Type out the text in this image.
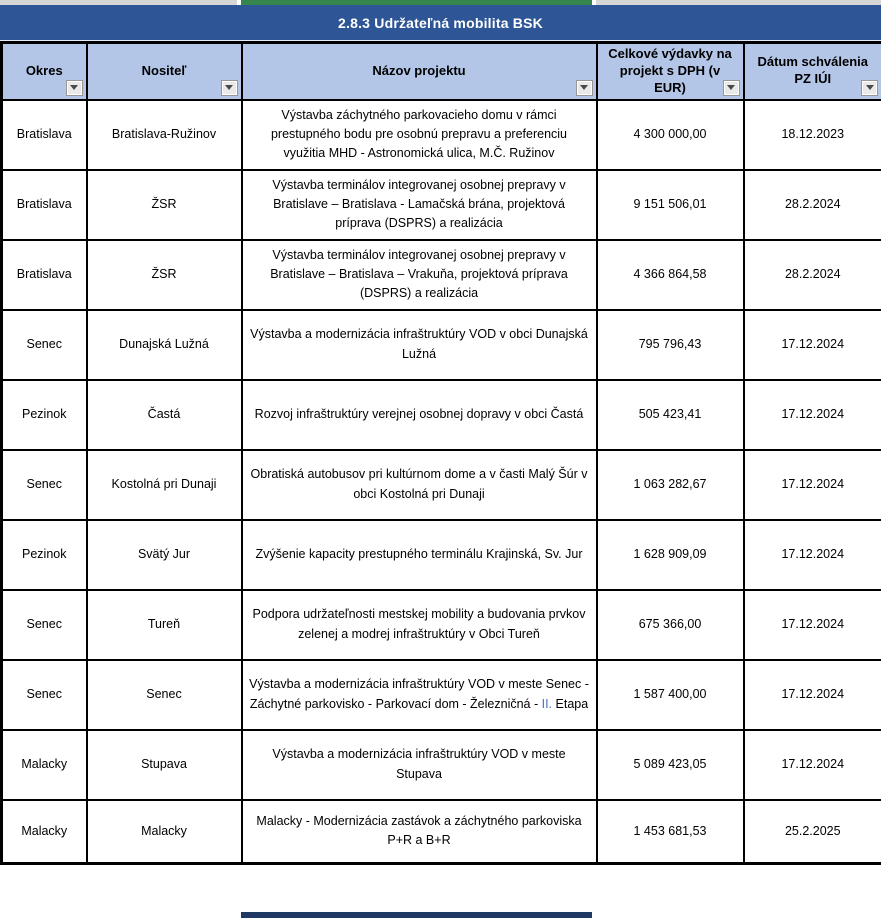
2.8.3 Udržateľná mobilita BSK
Okres	Nositeľ	Názov projektu	Celkové výdavky na projekt s DPH (v EUR)	Dátum schválenia PZ IÚI

Bratislava	Bratislava-Ružinov	Výstavba záchytného parkovacieho domu v rámci prestupného bodu pre osobnú prepravu a preferenciu využitia MHD - Astronomická ulica, M.Č. Ružinov	4 300 000,00	18.12.2023
Bratislava	ŽSR	Výstavba terminálov integrovanej osobnej prepravy v Bratislave – Bratislava - Lamačská brána, projektová príprava (DSPRS) a realizácia	9 151 506,01	28.2.2024
Bratislava	ŽSR	Výstavba terminálov integrovanej osobnej prepravy v Bratislave – Bratislava – Vrakuňa, projektová príprava (DSPRS) a realizácia	4 366 864,58	28.2.2024
Senec	Dunajská Lužná	Výstavba a modernizácia infraštruktúry VOD v obci Dunajská Lužná	795 796,43	17.12.2024
Pezinok	Častá	Rozvoj infraštruktúry verejnej osobnej dopravy v obci Častá	505 423,41	17.12.2024
Senec	Kostolná pri Dunaji	Obratiská autobusov pri kultúrnom dome a v časti Malý Šúr v obci Kostolná pri Dunaji	1 063 282,67	17.12.2024
Pezinok	Svätý Jur	Zvýšenie kapacity prestupného terminálu Krajinská, Sv. Jur	1 628 909,09	17.12.2024
Senec	Tureň	Podpora udržateľnosti mestskej mobility a budovania prvkov zelenej a modrej infraštruktúry v Obci Tureň	675 366,00	17.12.2024
Senec	Senec	Výstavba a modernizácia infraštruktúry VOD v meste Senec - Záchytné parkovisko - Parkovací dom - Železničná - II. Etapa	1 587 400,00	17.12.2024
Malacky	Stupava	Výstavba a modernizácia infraštruktúry VOD v meste Stupava	5 089 423,05	17.12.2024
Malacky	Malacky	Malacky - Modernizácia zastávok a záchytného parkoviska P+R a B+R	1 453 681,53	25.2.2025
